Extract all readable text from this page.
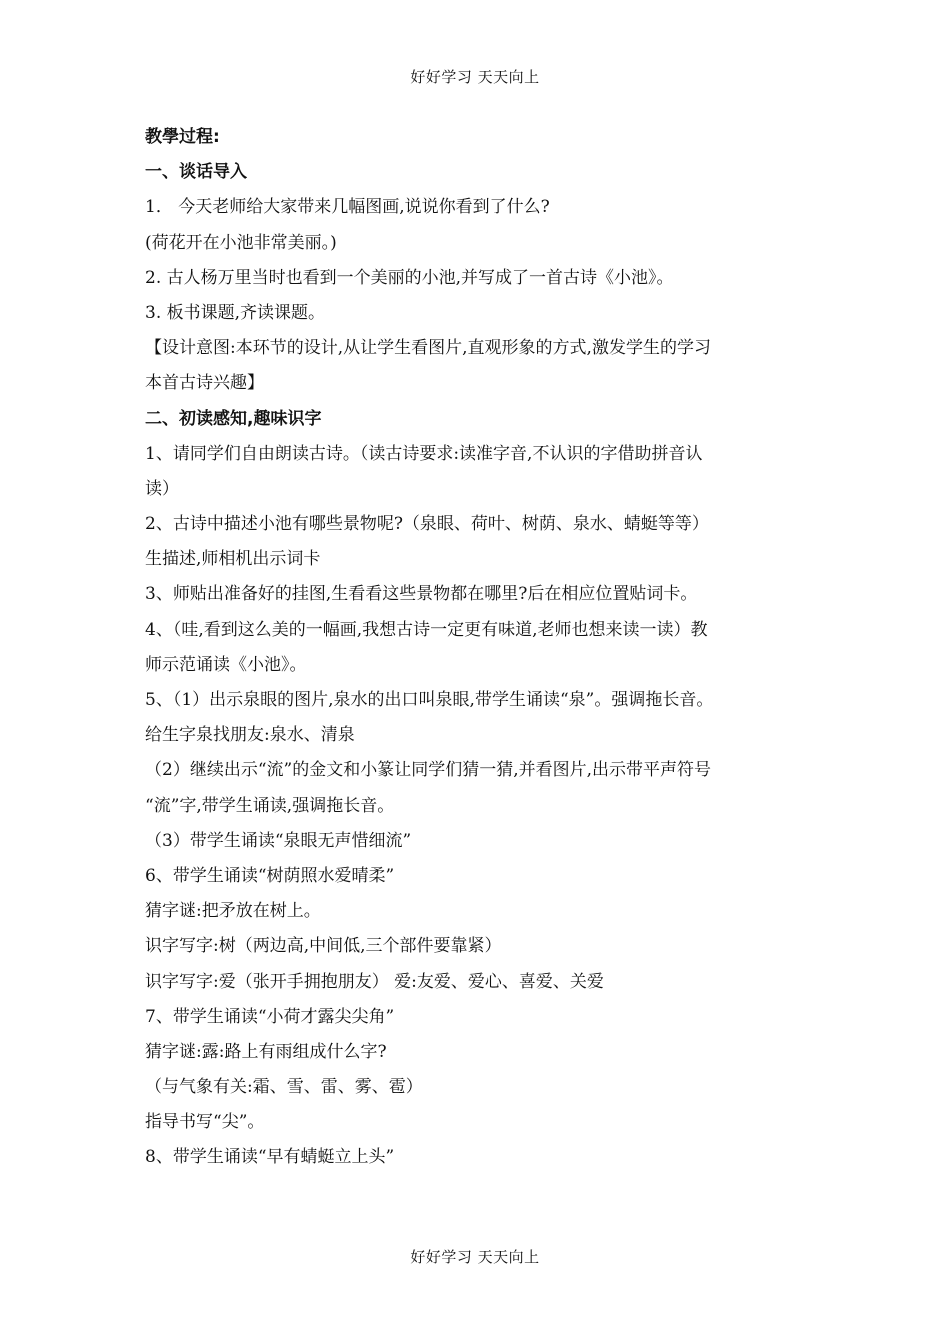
好好学习 天天向上
教學过程:
一、谈话导入
1． 今天老师给大家带来几幅图画,说说你看到了什么?
(荷花开在小池非常美丽。)
2. 古人杨万里当时也看到一个美丽的小池,并写成了一首古诗《小池》。
3. 板书课题,齐读课题。
【设计意图:本环节的设计,从让学生看图片,直观形象的方式,激发学生的学习
本首古诗兴趣】
二、初读感知,趣味识字
1、请同学们自由朗读古诗。（读古诗要求:读准字音,不认识的字借助拼音认
读）
2、古诗中描述小池有哪些景物呢?（泉眼、荷叶、树荫、泉水、蜻蜓等等）
生描述,师相机出示词卡
3、师贴出准备好的挂图,生看看这些景物都在哪里?后在相应位置贴词卡。
4、（哇,看到这么美的一幅画,我想古诗一定更有味道,老师也想来读一读）教
师示范诵读《小池》。
5、（1）出示泉眼的图片,泉水的出口叫泉眼,带学生诵读“泉”。强调拖长音。
给生字泉找朋友:泉水、清泉
（2）继续出示“流”的金文和小篆让同学们猜一猜,并看图片,出示带平声符号
“流”字,带学生诵读,强调拖长音。
（3）带学生诵读“泉眼无声惜细流”
6、带学生诵读“树荫照水爱晴柔”
猜字谜:把矛放在树上。
识字写字:树（两边高,中间低,三个部件要靠紧）
识字写字:爱（张开手拥抱朋友） 爱:友爱、爱心、喜爱、关爱
7、带学生诵读“小荷才露尖尖角”
猜字谜:露:路上有雨组成什么字?
（与气象有关:霜、雪、雷、雾、雹）
指导书写“尖”。
8、带学生诵读“早有蜻蜓立上头”
好好学习 天天向上
